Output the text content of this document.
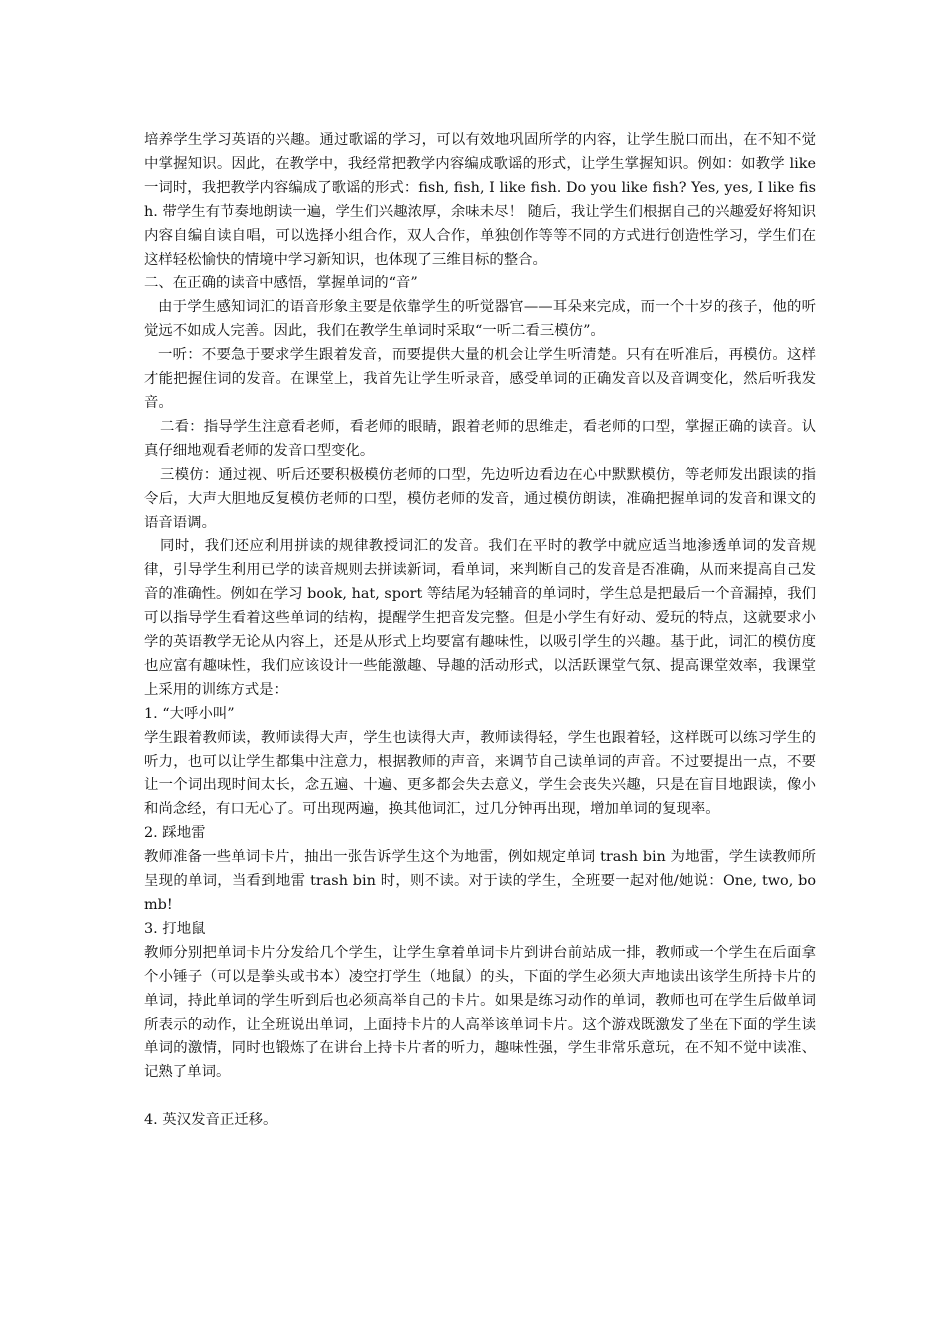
培养学生学习英语的兴趣。通过歌谣的学习，可以有效地巩固所学的内容，让学生脱口而出，在不知不觉中掌握知识。因此，在教学中，我经常把教学内容编成歌谣的形式，让学生掌握知识。例如：如教学 like 一词时，我把教学内容编成了歌谣的形式：fish, fish, I like fish. Do you like fish? Yes, yes, I like fish. 带学生有节奏地朗读一遍，学生们兴趣浓厚，余味未尽！ 随后，我让学生们根据自己的兴趣爱好将知识内容自编自读自唱，可以选择小组合作，双人合作，单独创作等等不同的方式进行创造性学习，学生们在这样轻松愉快的情境中学习新知识，也体现了三维目标的整合。

二、在正确的读音中感悟，掌握单词的“音”

由于学生感知词汇的语音形象主要是依靠学生的听觉器官——耳朵来完成，而一个十岁的孩子，他的听觉远不如成人完善。因此，我们在教学生单词时采取“一听二看三模仿”。

一听：不要急于要求学生跟着发音，而要提供大量的机会让学生听清楚。只有在听准后，再模仿。这样才能把握住词的发音。在课堂上，我首先让学生听录音，感受单词的正确发音以及音调变化，然后听我发音。

二看：指导学生注意看老师，看老师的眼睛，跟着老师的思维走，看老师的口型，掌握正确的读音。认真仔细地观看老师的发音口型变化。

三模仿：通过视、听后还要积极模仿老师的口型，先边听边看边在心中默默模仿，等老师发出跟读的指令后，大声大胆地反复模仿老师的口型，模仿老师的发音，通过模仿朗读，准确把握单词的发音和课文的语音语调。

同时，我们还应利用拼读的规律教授词汇的发音。我们在平时的教学中就应适当地渗透单词的发音规律，引导学生利用已学的读音规则去拼读新词，看单词，来判断自己的发音是否准确，从而来提高自己发音的准确性。例如在学习 book, hat, sport 等结尾为轻辅音的单词时，学生总是把最后一个音漏掉，我们可以指导学生看着这些单词的结构，提醒学生把音发完整。但是小学生有好动、爱玩的特点，这就要求小学的英语教学无论从内容上，还是从形式上均要富有趣味性，以吸引学生的兴趣。基于此，词汇的模仿度也应富有趣味性，我们应该设计一些能激趣、导趣的活动形式，以活跃课堂气氛、提高课堂效率，我课堂上采用的训练方式是：

1. “大呼小叫”

学生跟着教师读，教师读得大声，学生也读得大声，教师读得轻，学生也跟着轻，这样既可以练习学生的听力，也可以让学生都集中注意力，根据教师的声音，来调节自己读单词的声音。不过要提出一点，不要让一个词出现时间太长，念五遍、十遍、更多都会失去意义，学生会丧失兴趣，只是在盲目地跟读，像小和尚念经，有口无心了。可出现两遍，换其他词汇，过几分钟再出现，增加单词的复现率。

2. 踩地雷

教师准备一些单词卡片，抽出一张告诉学生这个为地雷，例如规定单词 trash bin 为地雷，学生读教师所呈现的单词，当看到地雷 trash bin 时，则不读。对于读的学生，全班要一起对他/她说：One, two, bomb!

3. 打地鼠

教师分别把单词卡片分发给几个学生，让学生拿着单词卡片到讲台前站成一排，教师或一个学生在后面拿个小锤子（可以是拳头或书本）凌空打学生（地鼠）的头，下面的学生必须大声地读出该学生所持卡片的单词，持此单词的学生听到后也必须高举自己的卡片。如果是练习动作的单词，教师也可在学生后做单词所表示的动作，让全班说出单词，上面持卡片的人高举该单词卡片。这个游戏既激发了坐在下面的学生读单词的激情，同时也锻炼了在讲台上持卡片者的听力，趣味性强，学生非常乐意玩，在不知不觉中读准、记熟了单词。

4. 英汉发音正迁移。
